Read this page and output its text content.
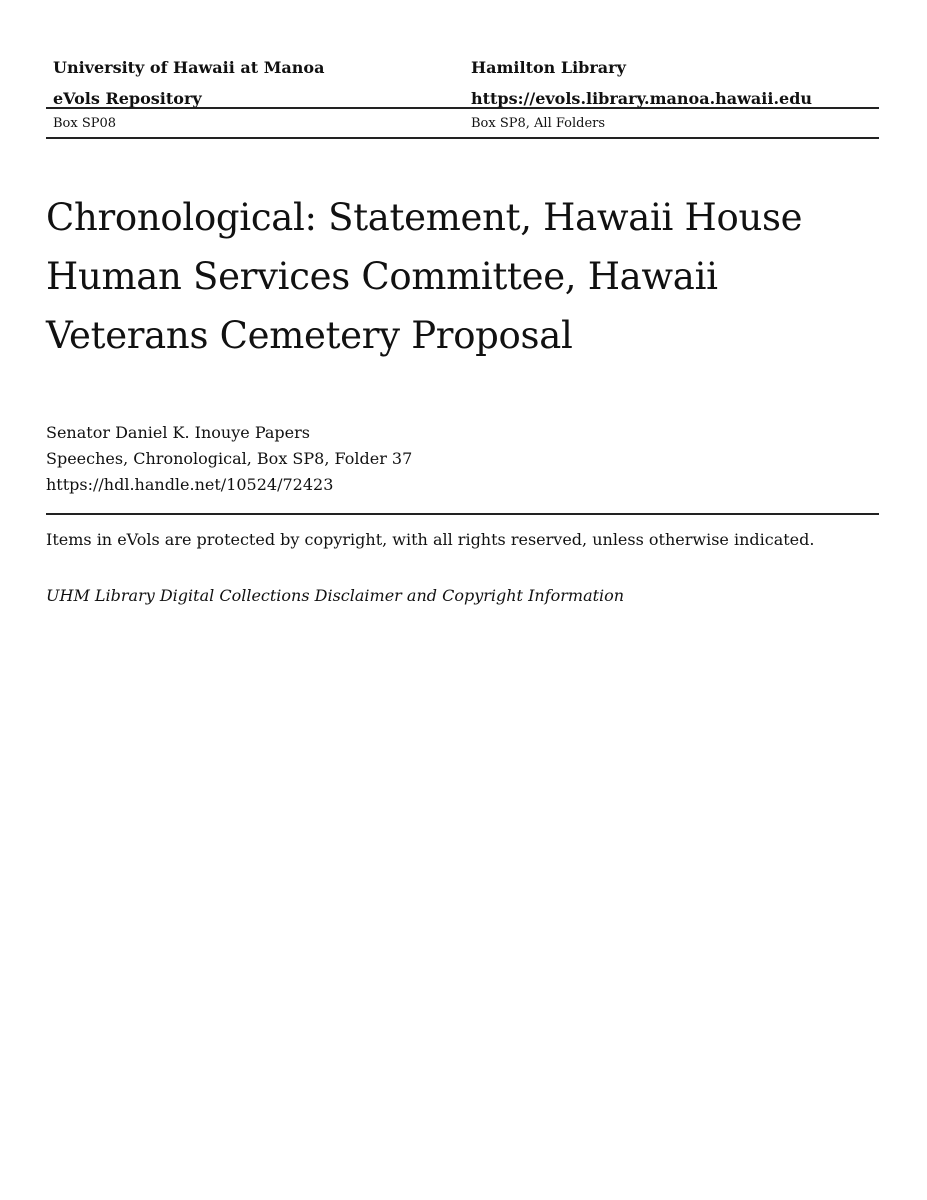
University of Hawaii at Manoa
eVols Repository
Hamilton Library
https://evols.library.manoa.hawaii.edu
Box SP08	Box SP8, All Folders
Chronological: Statement, Hawaii House Human Services Committee, Hawaii Veterans Cemetery Proposal
Senator Daniel K. Inouye Papers
Speeches, Chronological, Box SP8, Folder 37
https://hdl.handle.net/10524/72423
Items in eVols are protected by copyright, with all rights reserved, unless otherwise indicated.
UHM Library Digital Collections Disclaimer and Copyright Information
